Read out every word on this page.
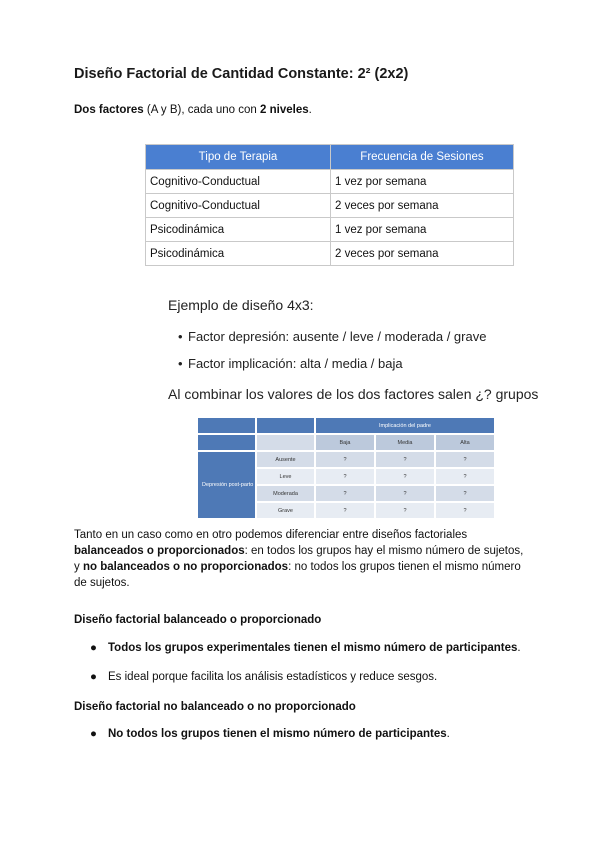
Diseño Factorial de Cantidad Constante: 2² (2x2)
Dos factores (A y B), cada uno con 2 niveles.
Tipo de Terapia	Frecuencia de Sesiones
Cognitivo-Conductual	1 vez por semana
Cognitivo-Conductual	2 veces por semana
Psicodinámica	1 vez por semana
Psicodinámica	2 veces por semana
Ejemplo de diseño 4x3:
• Factor depresión: ausente / leve / moderada / grave
• Factor implicación: alta / media / baja
Al combinar los valores de los dos factores salen ¿? grupos
		Implicación del padre		
		Baja	Media	Alta
Depresión post-parto	Ausente	?	?	?
	Leve	?	?	?
	Moderada	?	?	?
	Grave	?	?	?
Tanto en un caso como en otro podemos diferenciar entre diseños factoriales balanceados o proporcionados: en todos los grupos hay el mismo número de sujetos, y no balanceados o no proporcionados: no todos los grupos tienen el mismo número de sujetos.
Diseño factorial balanceado o proporcionado
● Todos los grupos experimentales tienen el mismo número de participantes.
● Es ideal porque facilita los análisis estadísticos y reduce sesgos.
Diseño factorial no balanceado o no proporcionado
● No todos los grupos tienen el mismo número de participantes.
